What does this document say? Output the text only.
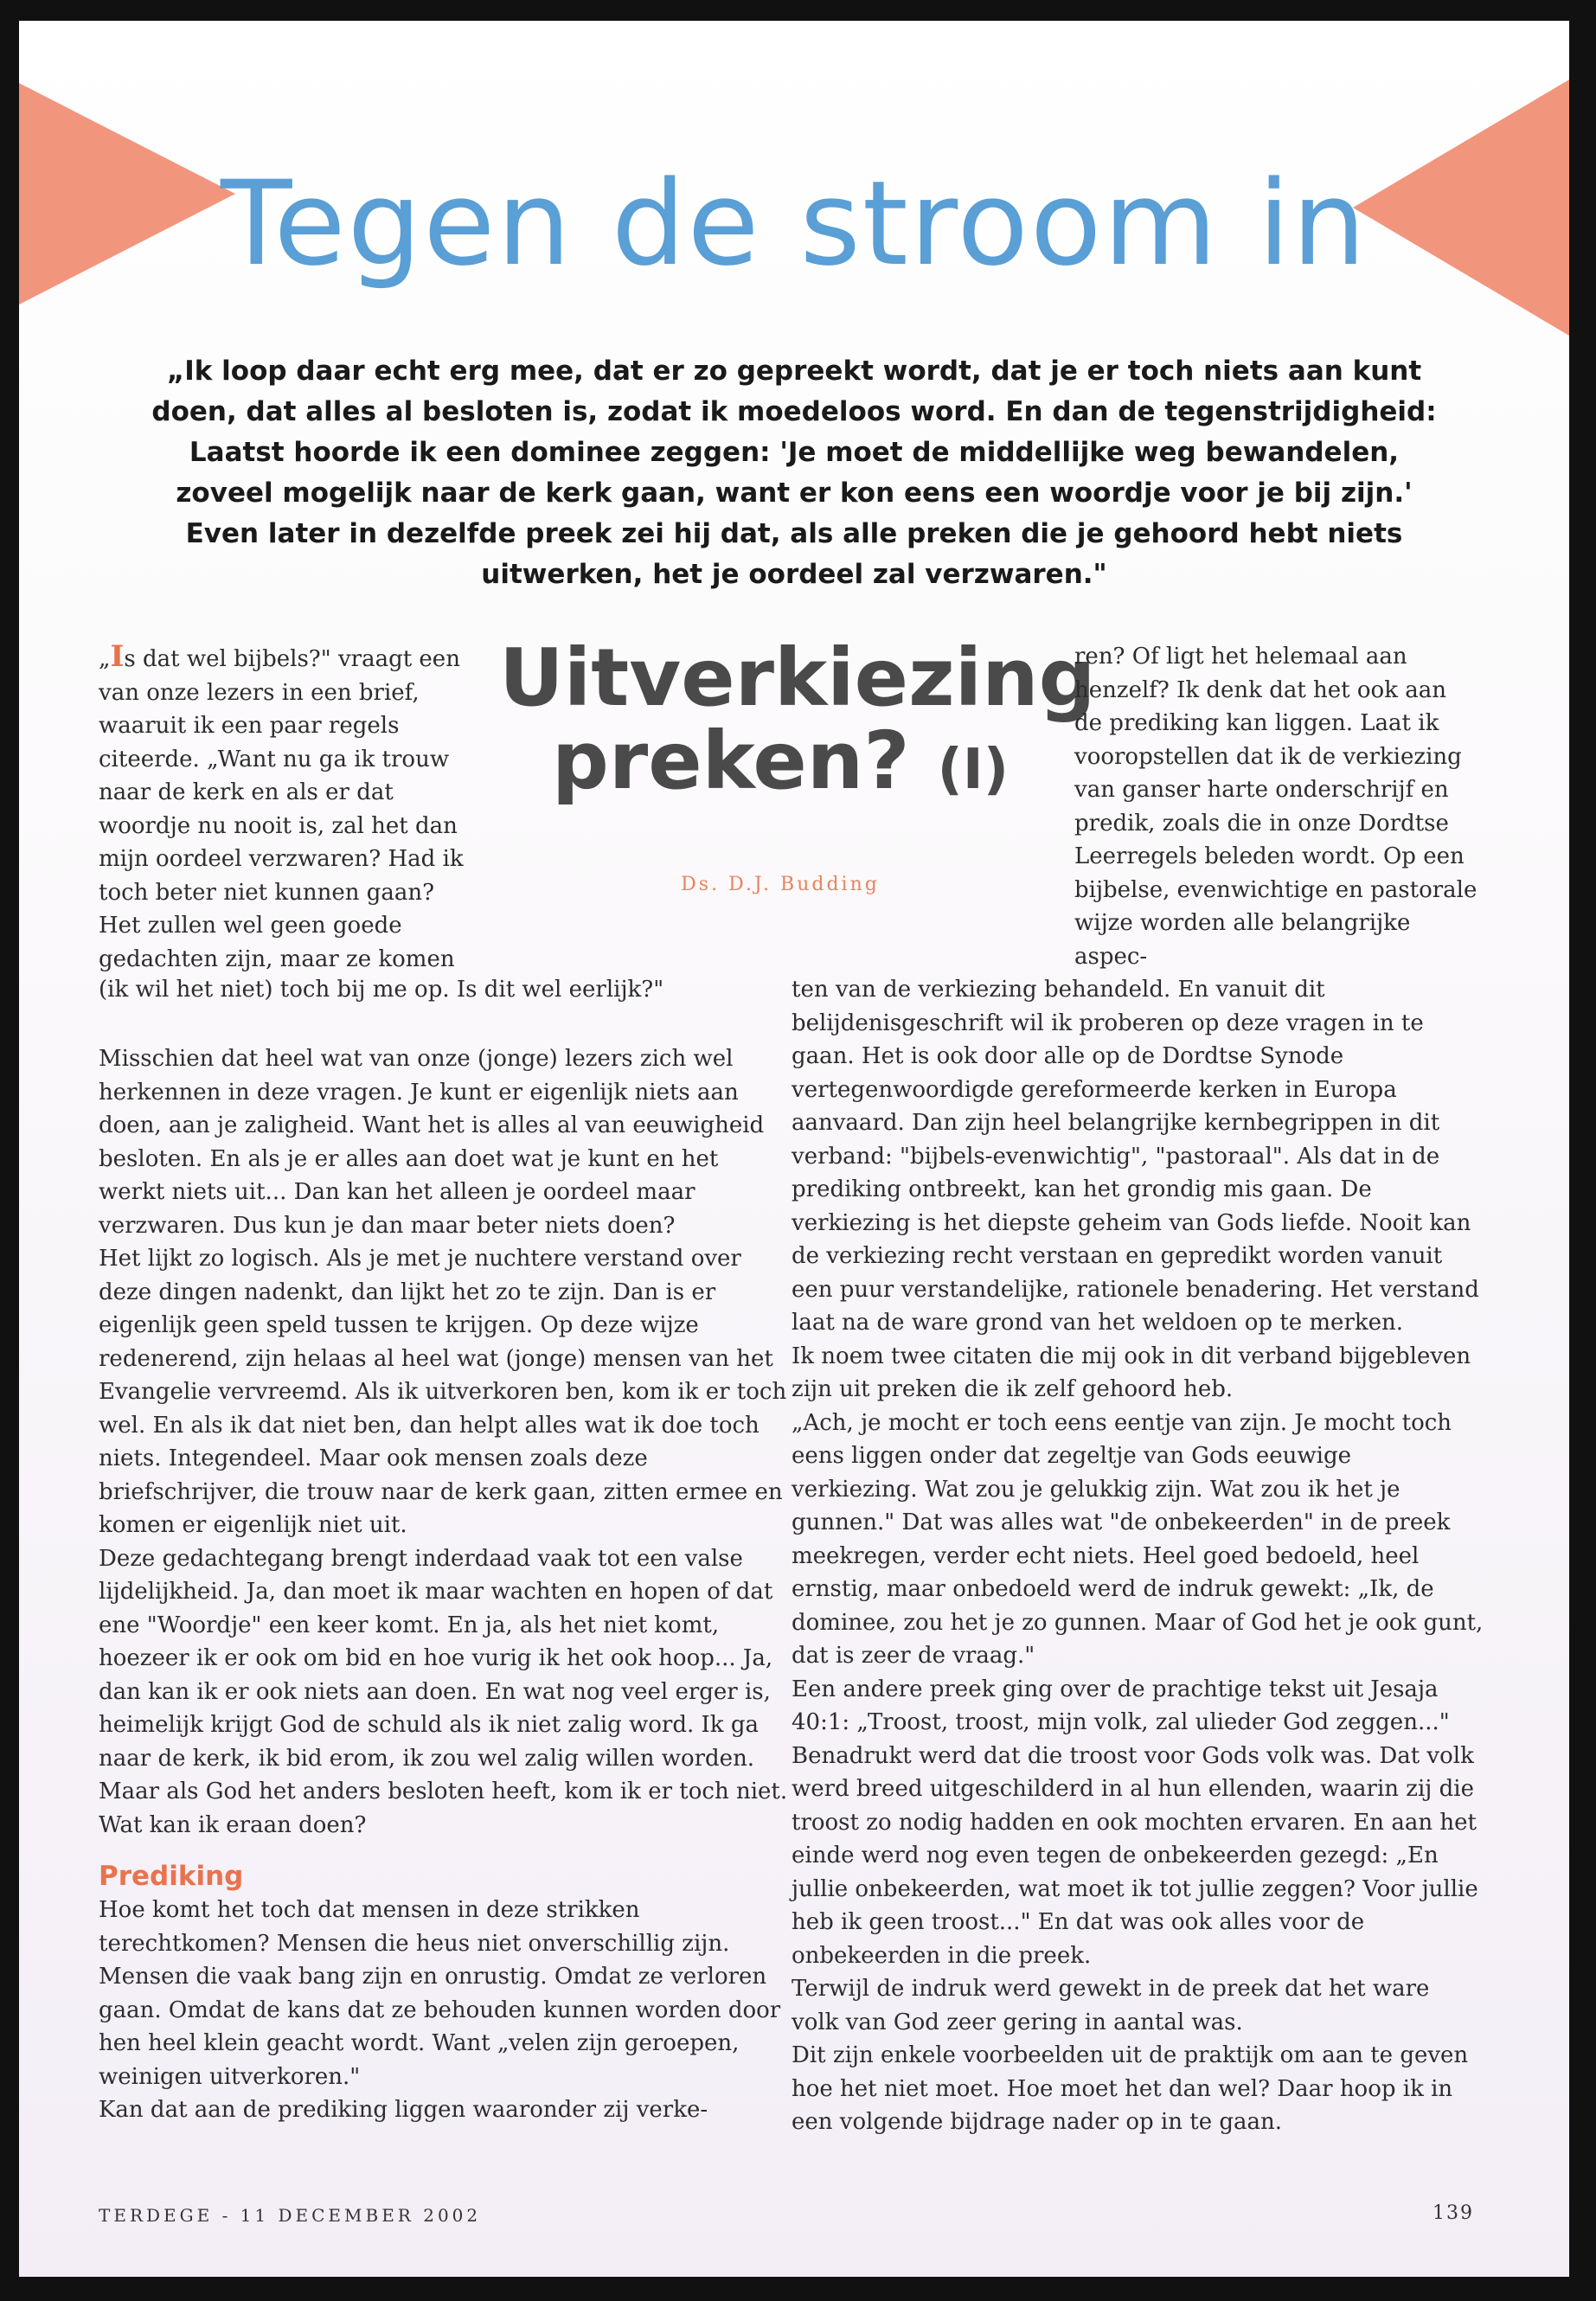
Tegen de stroom in

„Ik loop daar echt erg mee, dat er zo gepreekt wordt, dat je er toch niets aan kunt doen, dat alles al besloten is, zodat ik moedeloos word. En dan de tegenstrijdigheid: Laatst hoorde ik een dominee zeggen: 'Je moet de middellijke weg bewandelen, zoveel mogelijk naar de kerk gaan, want er kon eens een woordje voor je bij zijn.' Even later in dezelfde preek zei hij dat, als alle preken die je gehoord hebt niets uitwerken, het je oordeel zal verzwaren."

„Is dat wel bijbels?" vraagt een van onze lezers in een brief, waaruit ik een paar regels citeerde. „Want nu ga ik trouw naar de kerk en als er dat woordje nu nooit is, zal het dan mijn oordeel verzwaren? Had ik toch beter niet kunnen gaan? Het zullen wel geen goede gedachten zijn, maar ze komen

(ik wil het niet) toch bij me op. Is dit wel eerlijk?"
Uitverkiezing
preken? (I)
Ds. D.J. Budding

ren? Of ligt het helemaal aan henzelf? Ik denk dat het ook aan de prediking kan liggen. Laat ik vooropstellen dat ik de verkiezing van ganser harte onderschrijf en predik, zoals die in onze Dordtse Leerregels beleden wordt. Op een bijbelse, evenwichtige en pastorale wijze worden alle belangrijke aspec-

Misschien dat heel wat van onze (jonge) lezers zich wel herkennen in deze vragen. Je kunt er eigenlijk niets aan doen, aan je zaligheid. Want het is alles al van eeuwigheid besloten. En als je er alles aan doet wat je kunt en het werkt niets uit... Dan kan het alleen je oordeel maar verzwaren. Dus kun je dan maar beter niets doen?

Het lijkt zo logisch. Als je met je nuchtere verstand over deze dingen nadenkt, dan lijkt het zo te zijn. Dan is er eigenlijk geen speld tussen te krijgen. Op deze wijze redenerend, zijn helaas al heel wat (jonge) mensen van het Evangelie vervreemd. Als ik uitverkoren ben, kom ik er toch wel. En als ik dat niet ben, dan helpt alles wat ik doe toch niets. Integendeel. Maar ook mensen zoals deze briefschrijver, die trouw naar de kerk gaan, zitten ermee en komen er eigenlijk niet uit.

Deze gedachtegang brengt inderdaad vaak tot een valse lijdelijkheid. Ja, dan moet ik maar wachten en hopen of dat ene "Woordje" een keer komt. En ja, als het niet komt, hoezeer ik er ook om bid en hoe vurig ik het ook hoop... Ja, dan kan ik er ook niets aan doen. En wat nog veel erger is, heimelijk krijgt God de schuld als ik niet zalig word. Ik ga naar de kerk, ik bid erom, ik zou wel zalig willen worden. Maar als God het anders besloten heeft, kom ik er toch niet. Wat kan ik eraan doen?

Prediking

Hoe komt het toch dat mensen in deze strikken terechtkomen? Mensen die heus niet onverschillig zijn. Mensen die vaak bang zijn en onrustig. Omdat ze verloren gaan. Omdat de kans dat ze behouden kunnen worden door hen heel klein geacht wordt. Want „velen zijn geroepen, weinigen uitverkoren."

Kan dat aan de prediking liggen waaronder zij verke-

ten van de verkiezing behandeld. En vanuit dit belijdenisgeschrift wil ik proberen op deze vragen in te gaan. Het is ook door alle op de Dordtse Synode vertegenwoordigde gereformeerde kerken in Europa aanvaard. Dan zijn heel belangrijke kernbegrippen in dit verband: "bijbels-evenwichtig", "pastoraal". Als dat in de prediking ontbreekt, kan het grondig mis gaan. De verkiezing is het diepste geheim van Gods liefde. Nooit kan de verkiezing recht verstaan en gepredikt worden vanuit een puur verstandelijke, rationele benadering. Het verstand laat na de ware grond van het weldoen op te merken.

Ik noem twee citaten die mij ook in dit verband bijgebleven zijn uit preken die ik zelf gehoord heb.

„Ach, je mocht er toch eens eentje van zijn. Je mocht toch eens liggen onder dat zegeltje van Gods eeuwige verkiezing. Wat zou je gelukkig zijn. Wat zou ik het je gunnen." Dat was alles wat "de onbekeerden" in de preek meekregen, verder echt niets. Heel goed bedoeld, heel ernstig, maar onbedoeld werd de indruk gewekt: „Ik, de dominee, zou het je zo gunnen. Maar of God het je ook gunt, dat is zeer de vraag."

Een andere preek ging over de prachtige tekst uit Jesaja 40:1: „Troost, troost, mijn volk, zal ulieder God zeggen..." Benadrukt werd dat die troost voor Gods volk was. Dat volk werd breed uitgeschilderd in al hun ellenden, waarin zij die troost zo nodig hadden en ook mochten ervaren. En aan het einde werd nog even tegen de onbekeerden gezegd: „En jullie onbekeerden, wat moet ik tot jullie zeggen? Voor jullie heb ik geen troost..." En dat was ook alles voor de onbekeerden in die preek.

Terwijl de indruk werd gewekt in de preek dat het ware volk van God zeer gering in aantal was.

Dit zijn enkele voorbeelden uit de praktijk om aan te geven hoe het niet moet. Hoe moet het dan wel? Daar hoop ik in een volgende bijdrage nader op in te gaan.

TERDEGE - 11 DECEMBER 2002	139
